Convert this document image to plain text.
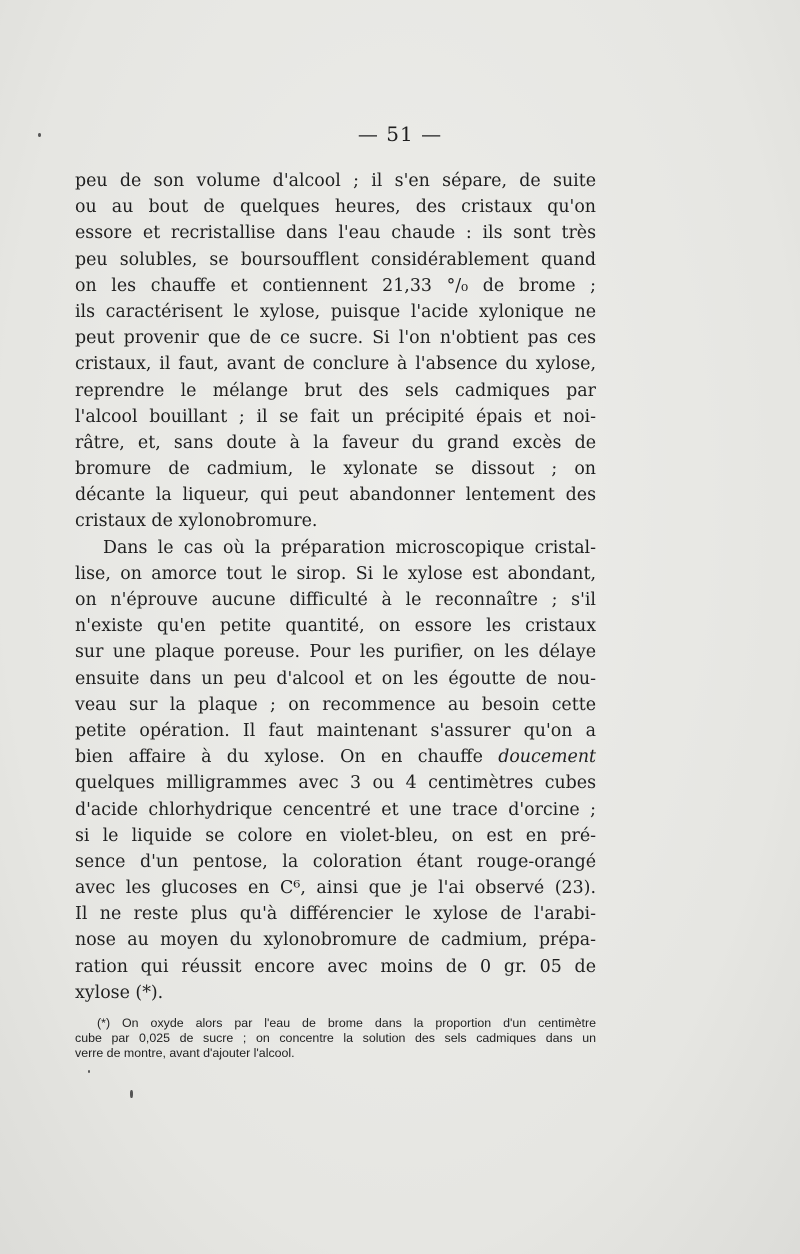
— 51 —
peu de son volume d'alcool ; il s'en sépare, de suite
ou au bout de quelques heures, des cristaux qu'on
essore et recristallise dans l'eau chaude : ils sont très
peu solubles, se boursoufflent considérablement quand
on les chauffe et contiennent 21,33 °/₀ de brome ;
ils caractérisent le xylose, puisque l'acide xylonique ne
peut provenir que de ce sucre. Si l'on n'obtient pas ces
cristaux, il faut, avant de conclure à l'absence du xylose,
reprendre le mélange brut des sels cadmiques par
l'alcool bouillant ; il se fait un précipité épais et noi-
râtre, et, sans doute à la faveur du grand excès de
bromure de cadmium, le xylonate se dissout ; on
décante la liqueur, qui peut abandonner lentement des
cristaux de xylonobromure.
Dans le cas où la préparation microscopique cristal-
lise, on amorce tout le sirop. Si le xylose est abondant,
on n'éprouve aucune difficulté à le reconnaître ; s'il
n'existe qu'en petite quantité, on essore les cristaux
sur une plaque poreuse. Pour les purifier, on les délaye
ensuite dans un peu d'alcool et on les égoutte de nou-
veau sur la plaque ; on recommence au besoin cette
petite opération. Il faut maintenant s'assurer qu'on a
bien affaire à du xylose. On en chauffe doucement
quelques milligrammes avec 3 ou 4 centimètres cubes
d'acide chlorhydrique cencentré et une trace d'orcine ;
si le liquide se colore en violet-bleu, on est en pré-
sence d'un pentose, la coloration étant rouge-orangé
avec les glucoses en C⁶, ainsi que je l'ai observé (23).
Il ne reste plus qu'à différencier le xylose de l'arabi-
nose au moyen du xylonobromure de cadmium, prépa-
ration qui réussit encore avec moins de 0 gr. 05 de
xylose (*).
(*) On oxyde alors par l'eau de brome dans la proportion d'un centimètre
cube par 0,025 de sucre ; on concentre la solution des sels cadmiques dans un
verre de montre, avant d'ajouter l'alcool.
